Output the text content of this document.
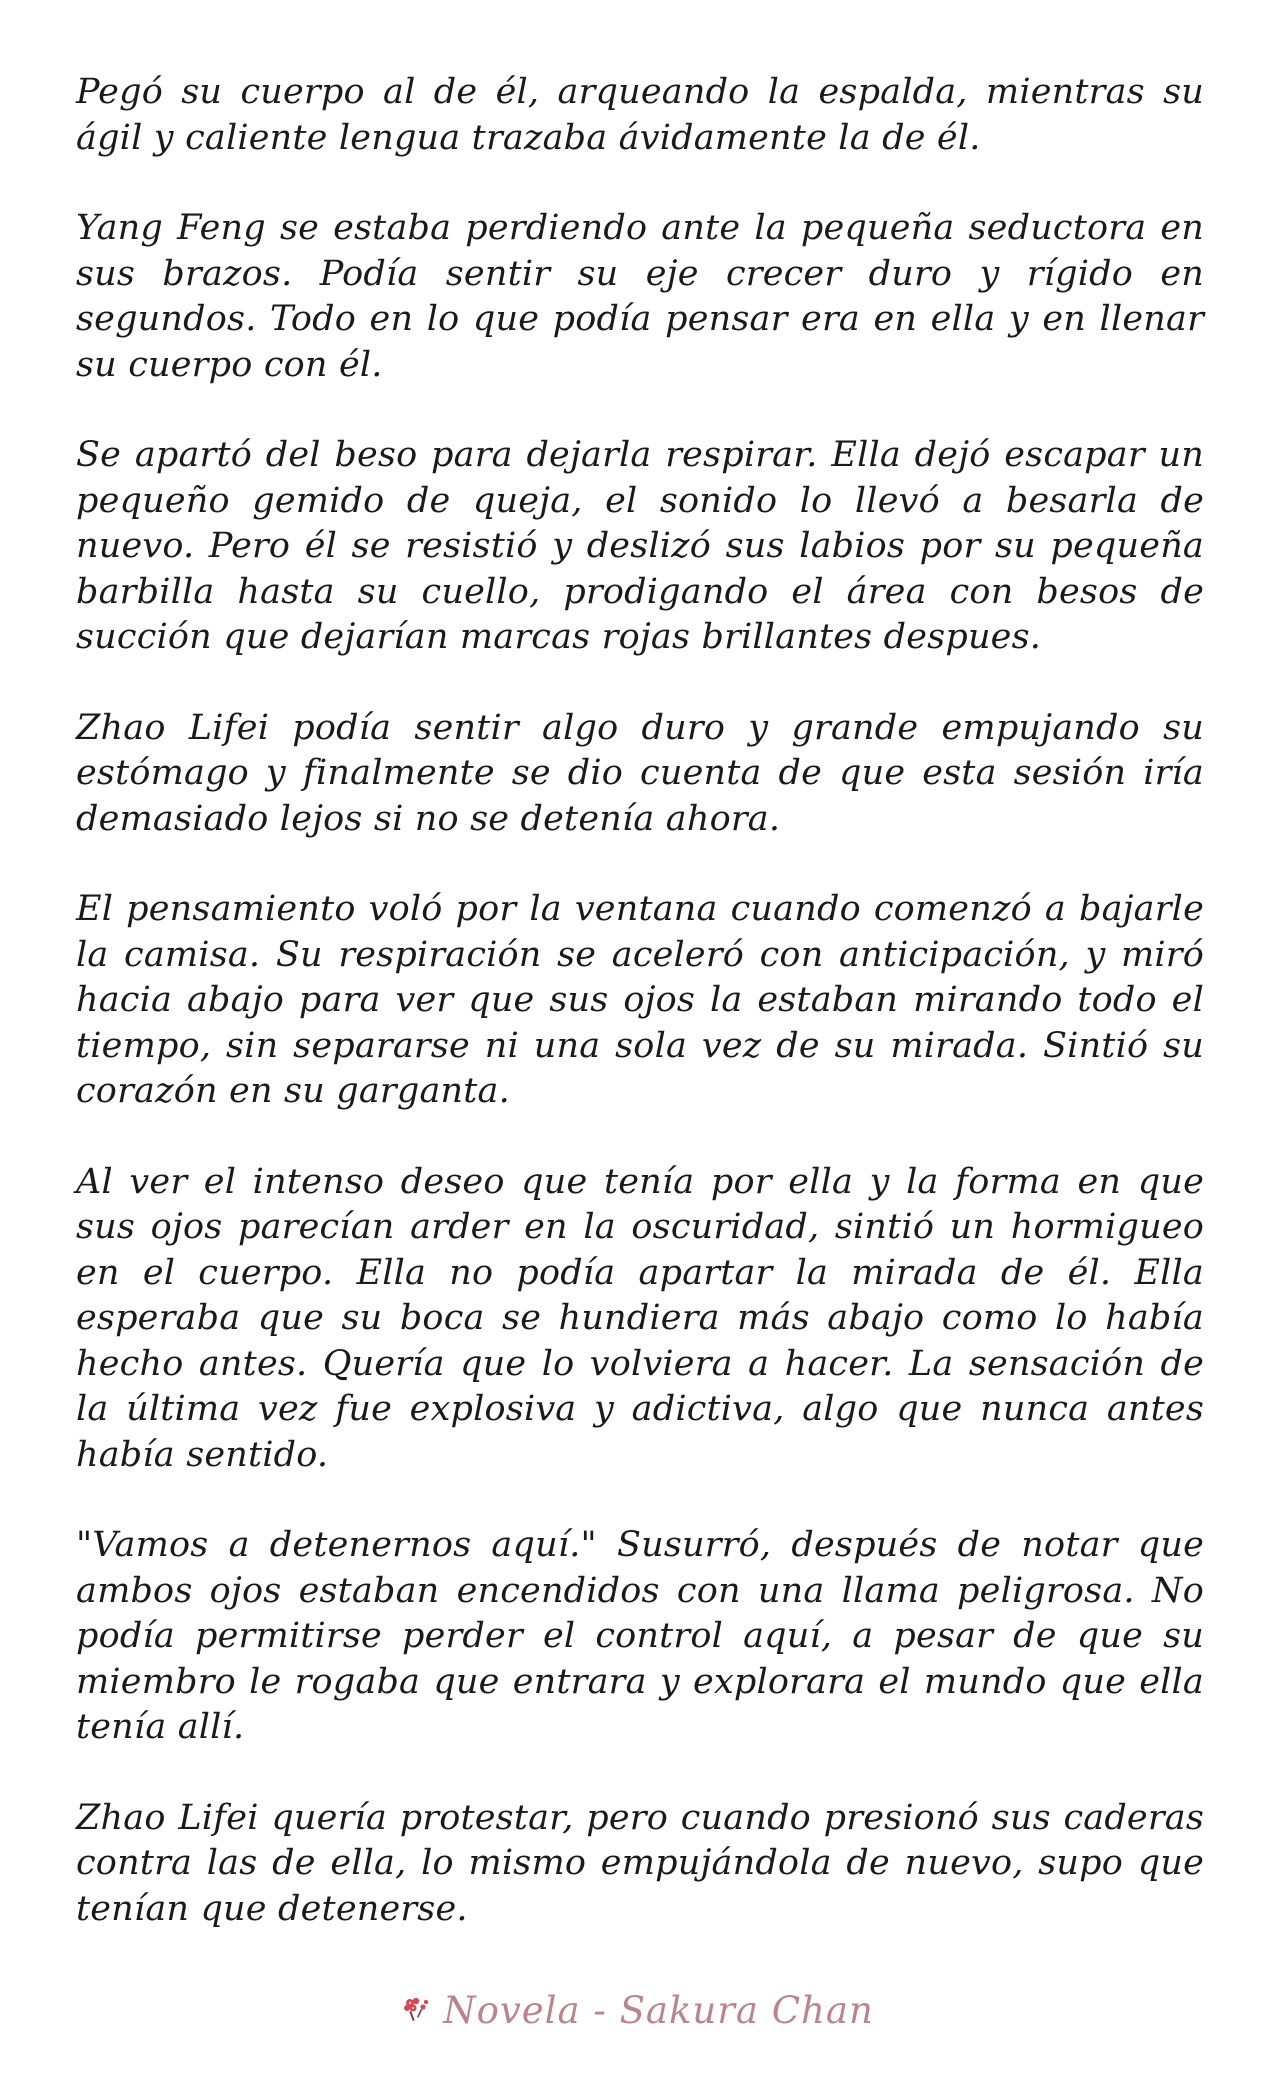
Pegó su cuerpo al de él, arqueando la espalda, mientras su ágil y caliente lengua trazaba ávidamente la de él.

Yang Feng se estaba perdiendo ante la pequeña seductora en sus brazos. Podía sentir su eje crecer duro y rígido en segundos. Todo en lo que podía pensar era en ella y en llenar su cuerpo con él.

Se apartó del beso para dejarla respirar. Ella dejó escapar un pequeño gemido de queja, el sonido lo llevó a besarla de nuevo. Pero él se resistió y deslizó sus labios por su pequeña barbilla hasta su cuello, prodigando el área con besos de succión que dejarían marcas rojas brillantes despues.

Zhao Lifei podía sentir algo duro y grande empujando su estómago y finalmente se dio cuenta de que esta sesión iría demasiado lejos si no se detenía ahora.

El pensamiento voló por la ventana cuando comenzó a bajarle la camisa. Su respiración se aceleró con anticipación, y miró hacia abajo para ver que sus ojos la estaban mirando todo el tiempo, sin separarse ni una sola vez de su mirada. Sintió su corazón en su garganta.

Al ver el intenso deseo que tenía por ella y la forma en que sus ojos parecían arder en la oscuridad, sintió un hormigueo en el cuerpo. Ella no podía apartar la mirada de él. Ella esperaba que su boca se hundiera más abajo como lo había hecho antes. Quería que lo volviera a hacer. La sensación de la última vez fue explosiva y adictiva, algo que nunca antes había sentido.

"Vamos a detenernos aquí." Susurró, después de notar que ambos ojos estaban encendidos con una llama peligrosa. No podía permitirse perder el control aquí, a pesar de que su miembro le rogaba que entrara y explorara el mundo que ella tenía allí.

Zhao Lifei quería protestar, pero cuando presionó sus caderas contra las de ella, lo mismo empujándola de nuevo, supo que tenían que detenerse.

Novela - Sakura Chan
